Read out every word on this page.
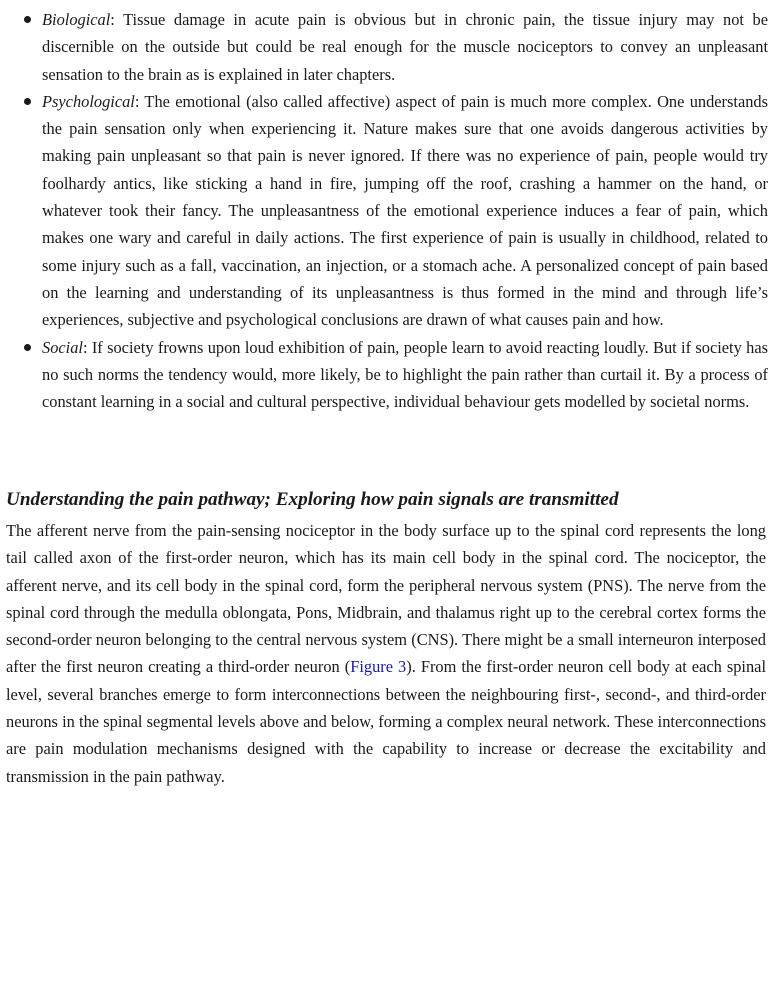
Biological: Tissue damage in acute pain is obvious but in chronic pain, the tissue injury may not be discernible on the outside but could be real enough for the muscle nociceptors to convey an unpleasant sensation to the brain as is explained in later chapters.
Psychological: The emotional (also called affective) aspect of pain is much more complex. One understands the pain sensation only when experiencing it. Nature makes sure that one avoids dangerous activities by making pain unpleasant so that pain is never ignored. If there was no experience of pain, people would try foolhardy antics, like sticking a hand in fire, jumping off the roof, crashing a hammer on the hand, or whatever took their fancy. The unpleasantness of the emotional experience induces a fear of pain, which makes one wary and careful in daily actions. The first experience of pain is usually in childhood, related to some injury such as a fall, vaccination, an injection, or a stomach ache. A personalized concept of pain based on the learning and understanding of its unpleasantness is thus formed in the mind and through life’s experiences, subjective and psychological conclusions are drawn of what causes pain and how.
Social: If society frowns upon loud exhibition of pain, people learn to avoid reacting loudly. But if society has no such norms the tendency would, more likely, be to highlight the pain rather than curtail it. By a process of constant learning in a social and cultural perspective, individual behaviour gets modelled by societal norms.
Understanding the pain pathway; Exploring how pain signals are transmitted

The afferent nerve from the pain-sensing nociceptor in the body surface up to the spinal cord represents the long tail called axon of the first-order neuron, which has its main cell body in the spinal cord. The nociceptor, the afferent nerve, and its cell body in the spinal cord, form the peripheral nervous system (PNS). The nerve from the spinal cord through the medulla oblongata, Pons, Midbrain, and thalamus right up to the cerebral cortex forms the second-order neuron belonging to the central nervous system (CNS). There might be a small interneuron interposed after the first neuron creating a third-order neuron (Figure 3). From the first-order neuron cell body at each spinal level, several branches emerge to form interconnections between the neighbouring first-, second-, and third-order neurons in the spinal segmental levels above and below, forming a complex neural network. These interconnections are pain modulation mechanisms designed with the capability to increase or decrease the excitability and transmission in the pain pathway.
